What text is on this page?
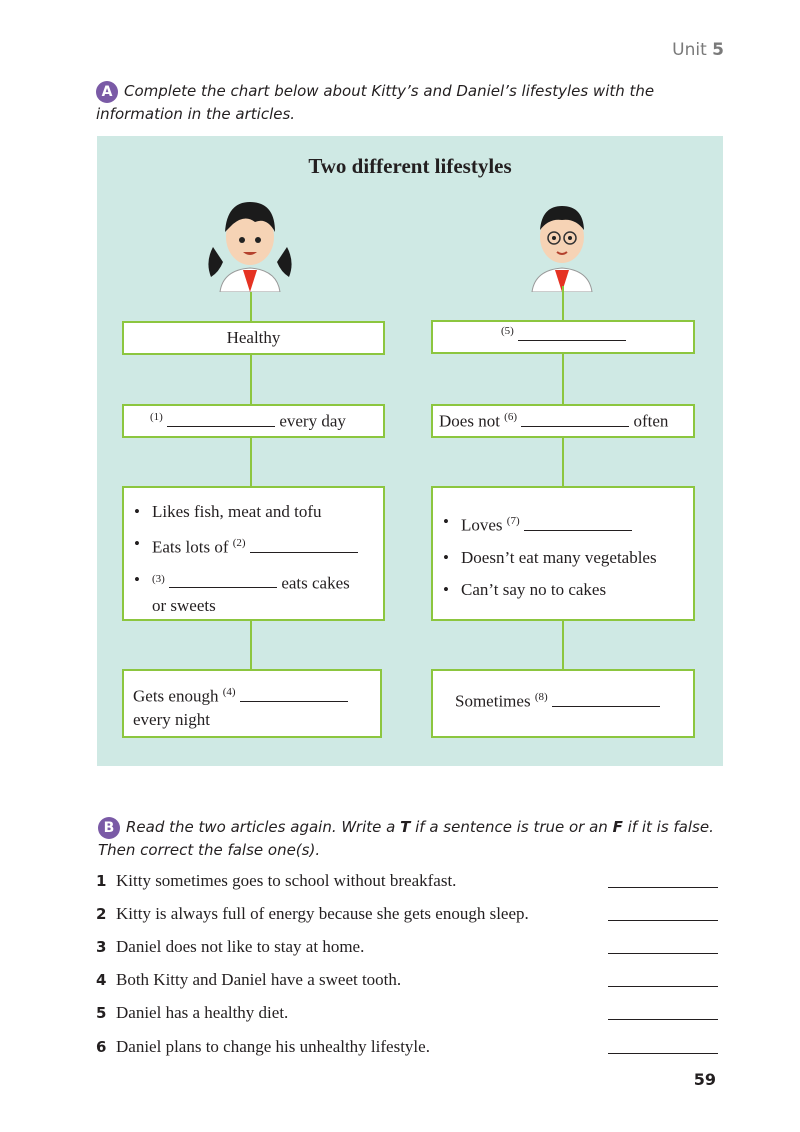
Unit 5
A Complete the chart below about Kitty’s and Daniel’s lifestyles with the information in the articles.
Two different lifestyles
Healthy
$^{(1)}$	every day
• Likes fish, meat and tofu
• Eats lots of $^{(2)}$
• $^{(3)}$	eats cakes
or sweets
Gets enough $^{(4)}$
every night
$^{(5)}$
Does not $^{(6)}$	often
• Loves $^{(7)}$
• Doesn’t eat many vegetables
• Can’t say no to cakes
Sometimes $^{(8)}$
B Read the two articles again. Write a T if a sentence is true or an F if it is false. Then correct the false one(s).
1 Kitty sometimes goes to school without breakfast.
2 Kitty is always full of energy because she gets enough sleep.
3 Daniel does not like to stay at home.
4 Both Kitty and Daniel have a sweet tooth.
5 Daniel has a healthy diet.
6 Daniel plans to change his unhealthy lifestyle.
59
